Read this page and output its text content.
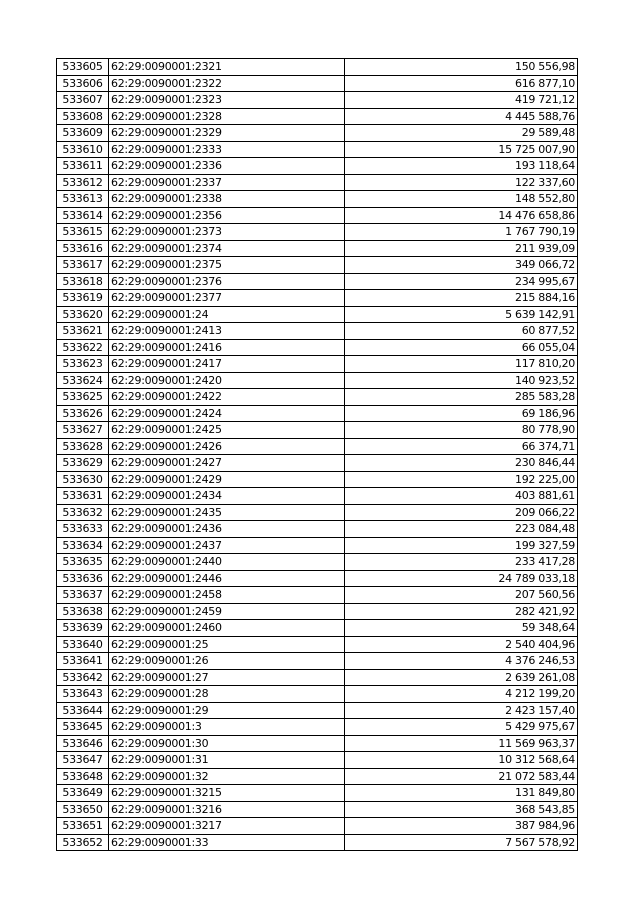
533605	62:29:0090001:2321	150 556,98
533606	62:29:0090001:2322	616 877,10
533607	62:29:0090001:2323	419 721,12
533608	62:29:0090001:2328	4 445 588,76
533609	62:29:0090001:2329	29 589,48
533610	62:29:0090001:2333	15 725 007,90
533611	62:29:0090001:2336	193 118,64
533612	62:29:0090001:2337	122 337,60
533613	62:29:0090001:2338	148 552,80
533614	62:29:0090001:2356	14 476 658,86
533615	62:29:0090001:2373	1 767 790,19
533616	62:29:0090001:2374	211 939,09
533617	62:29:0090001:2375	349 066,72
533618	62:29:0090001:2376	234 995,67
533619	62:29:0090001:2377	215 884,16
533620	62:29:0090001:24	5 639 142,91
533621	62:29:0090001:2413	60 877,52
533622	62:29:0090001:2416	66 055,04
533623	62:29:0090001:2417	117 810,20
533624	62:29:0090001:2420	140 923,52
533625	62:29:0090001:2422	285 583,28
533626	62:29:0090001:2424	69 186,96
533627	62:29:0090001:2425	80 778,90
533628	62:29:0090001:2426	66 374,71
533629	62:29:0090001:2427	230 846,44
533630	62:29:0090001:2429	192 225,00
533631	62:29:0090001:2434	403 881,61
533632	62:29:0090001:2435	209 066,22
533633	62:29:0090001:2436	223 084,48
533634	62:29:0090001:2437	199 327,59
533635	62:29:0090001:2440	233 417,28
533636	62:29:0090001:2446	24 789 033,18
533637	62:29:0090001:2458	207 560,56
533638	62:29:0090001:2459	282 421,92
533639	62:29:0090001:2460	59 348,64
533640	62:29:0090001:25	2 540 404,96
533641	62:29:0090001:26	4 376 246,53
533642	62:29:0090001:27	2 639 261,08
533643	62:29:0090001:28	4 212 199,20
533644	62:29:0090001:29	2 423 157,40
533645	62:29:0090001:3	5 429 975,67
533646	62:29:0090001:30	11 569 963,37
533647	62:29:0090001:31	10 312 568,64
533648	62:29:0090001:32	21 072 583,44
533649	62:29:0090001:3215	131 849,80
533650	62:29:0090001:3216	368 543,85
533651	62:29:0090001:3217	387 984,96
533652	62:29:0090001:33	7 567 578,92
